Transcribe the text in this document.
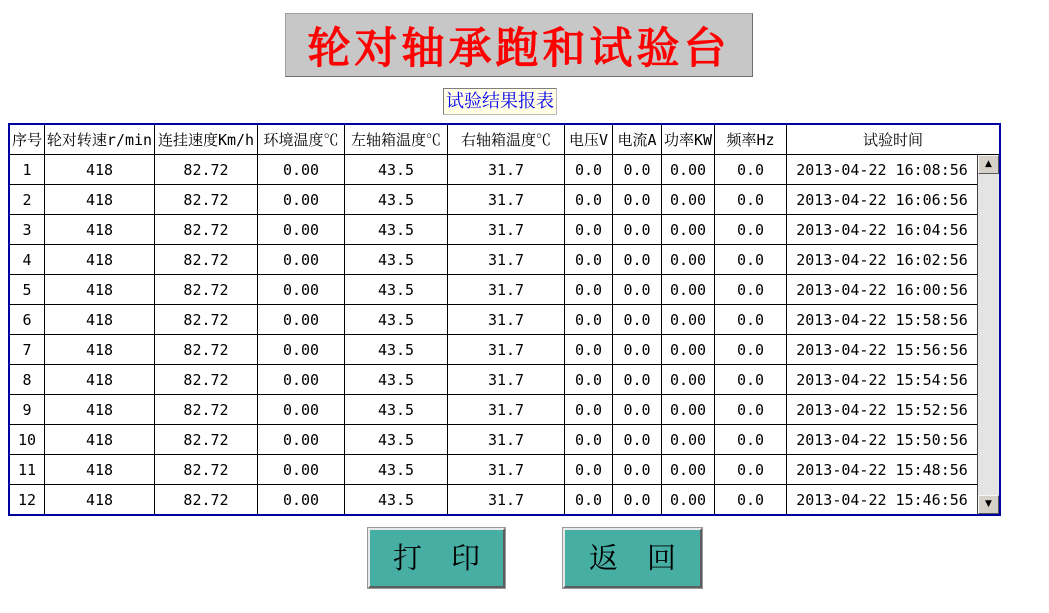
轮对轴承跑和试验台
试验结果报表
序号 轮对转速r/min 连挂速度Km/h 环境温度℃ 左轴箱温度℃	右轴箱温度℃	电压V 电流A 功率KW 频率Hz	试验时间
1	418	82.72	0.00	43.5	31.7	0.0	0.0	0.00	0.0	2013-04-22 16:08:56
2	418	82.72	0.00	43.5	31.7	0.0	0.0	0.00	0.0	2013-04-22 16:06:56
3	418	82.72	0.00	43.5	31.7	0.0	0.0	0.00	0.0	2013-04-22 16:04:56
4	418	82.72	0.00	43.5	31.7	0.0	0.0	0.00	0.0	2013-04-22 16:02:56
5	418	82.72	0.00	43.5	31.7	0.0	0.0	0.00	0.0	2013-04-22 16:00:56
6	418	82.72	0.00	43.5	31.7	0.0	0.0	0.00	0.0	2013-04-22 15:58:56
7	418	82.72	0.00	43.5	31.7	0.0	0.0	0.00	0.0	2013-04-22 15:56:56
8	418	82.72	0.00	43.5	31.7	0.0	0.0	0.00	0.0	2013-04-22 15:54:56
9	418	82.72	0.00	43.5	31.7	0.0	0.0	0.00	0.0	2013-04-22 15:52:56
10	418	82.72	0.00	43.5	31.7	0.0	0.0	0.00	0.0	2013-04-22 15:50:56
11	418	82.72	0.00	43.5	31.7	0.0	0.0	0.00	0.0	2013-04-22 15:48:56
12	418	82.72	0.00	43.5	31.7	0.0	0.0	0.00	0.0	2013-04-22 15:46:56
▲
▼
打　印	返　回
